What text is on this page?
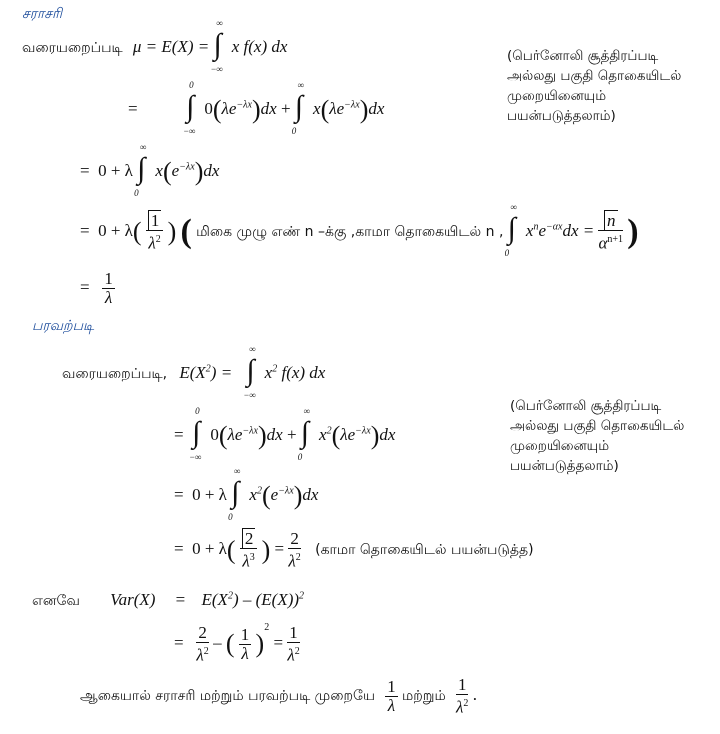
சராசரி
வரையறைப்படி μ = E(X) = ∫
∞
−∞
x f(x) dx
(பெர்னோலி சூத்திரப்படி
அல்லது பகுதி தொகையிடல்
முறையினையும்
பயன்படுத்தலாம்)
= ∫
0
−∞
$0(\lambda e^{-\lambda x})dx$ + ∫
∞
0
$x(\lambda e^{-\lambda x})dx$
=  0 + λ ∫
∞
0
$x(e^{-\lambda x})dx$
=  $0 + \lambda( \frac{1}{\lambda^2}$ ) ( மிகை முழு எண் n –க்கு ,காமா தொகையிடல் n , ∫
∞
0
$x^ne^{-\alpha x}dx = \frac{n}{\alpha^{n+1}}$ )
= $\frac{1}{\lambda}$
பரவற்படி
வரையறைப்படி, $E(X^2)$ = ∫
∞
−∞
$x^2$ f(x) dx
(பெர்னோலி சூத்திரப்படி
அல்லது பகுதி தொகையிடல்
முறையினையும்
பயன்படுத்தலாம்)
= ∫
0
−∞
$0(\lambda e^{-\lambda x})dx$ + ∫
∞
0
$x^2(\lambda e^{-\lambda x})dx$
=  0 + λ ∫
∞
0
$x^2(e^{-\lambda x})dx$
=  $0 + \lambda( \frac{2}{\lambda^3}$ ) = $\frac{2}{\lambda^2}$ (காமா தொகையிடல் பயன்படுத்த)
எனவே $Var(X) = E(X^2) - (E(X))^2$
= $\frac{2}{\lambda^2}$ – ( $\frac{1}{\lambda} )^2 = \frac{1}{\lambda^2}$
ஆகையால் சராசரி மற்றும் பரவற்படி முறையே $\frac{1}{\lambda}$ மற்றும் $\frac{1}{\lambda^2}$ .
